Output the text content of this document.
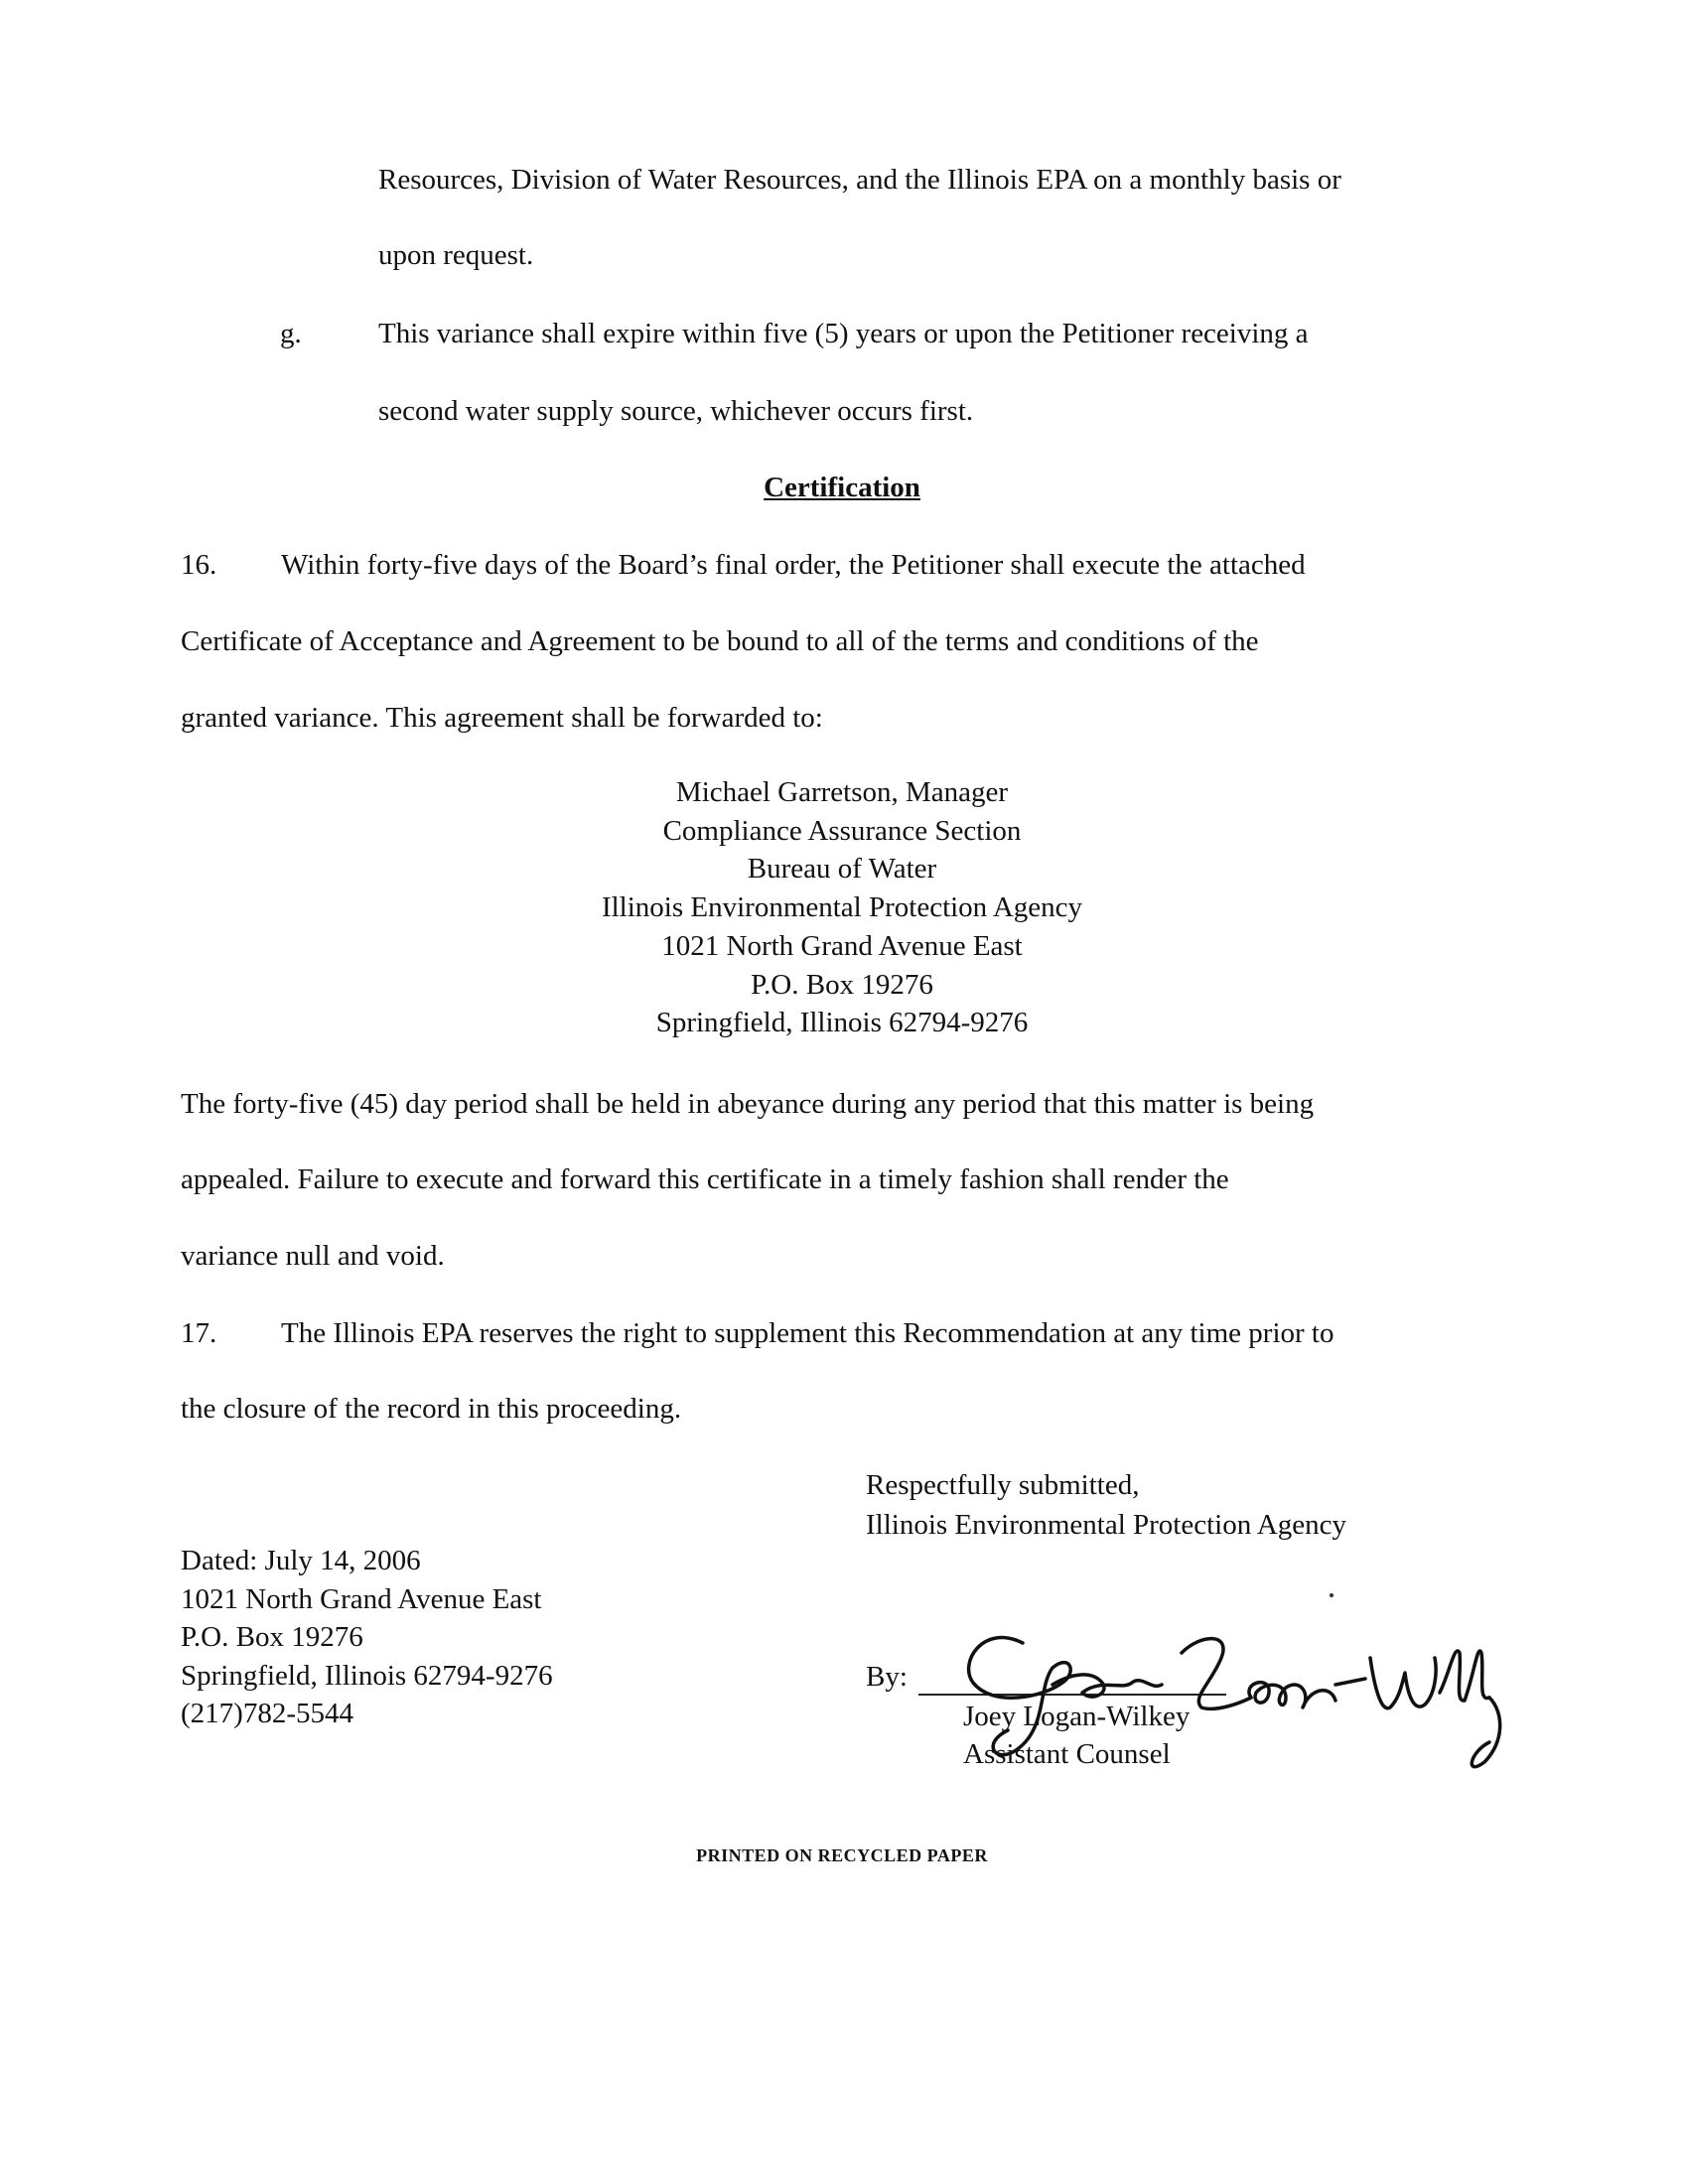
Resources, Division of Water Resources, and the Illinois EPA on a monthly basis or
upon request.
g.	This variance shall expire within five (5) years or upon the Petitioner receiving a
second water supply source, whichever occurs first.
Certification
16. Within forty-five days of the Board’s final order, the Petitioner shall execute the attached
Certificate of Acceptance and Agreement to be bound to all of the terms and conditions of the
granted variance. This agreement shall be forwarded to:
Michael Garretson, Manager
Compliance Assurance Section
Bureau of Water
Illinois Environmental Protection Agency
1021 North Grand Avenue East
P.O. Box 19276
Springfield, Illinois 62794-9276
The forty-five (45) day period shall be held in abeyance during any period that this matter is being
appealed. Failure to execute and forward this certificate in a timely fashion shall render the
variance null and void.
17. The Illinois EPA reserves the right to supplement this Recommendation at any time prior to
the closure of the record in this proceeding.
Respectfully submitted,
Illinois Environmental Protection Agency
Dated: July 14, 2006
1021 North Grand Avenue East
P.O. Box 19276
Springfield, Illinois 62794-9276
(217)782-5544
By:
Joey Logan-Wilkey
Assistant Counsel
PRINTED ON RECYCLED PAPER
